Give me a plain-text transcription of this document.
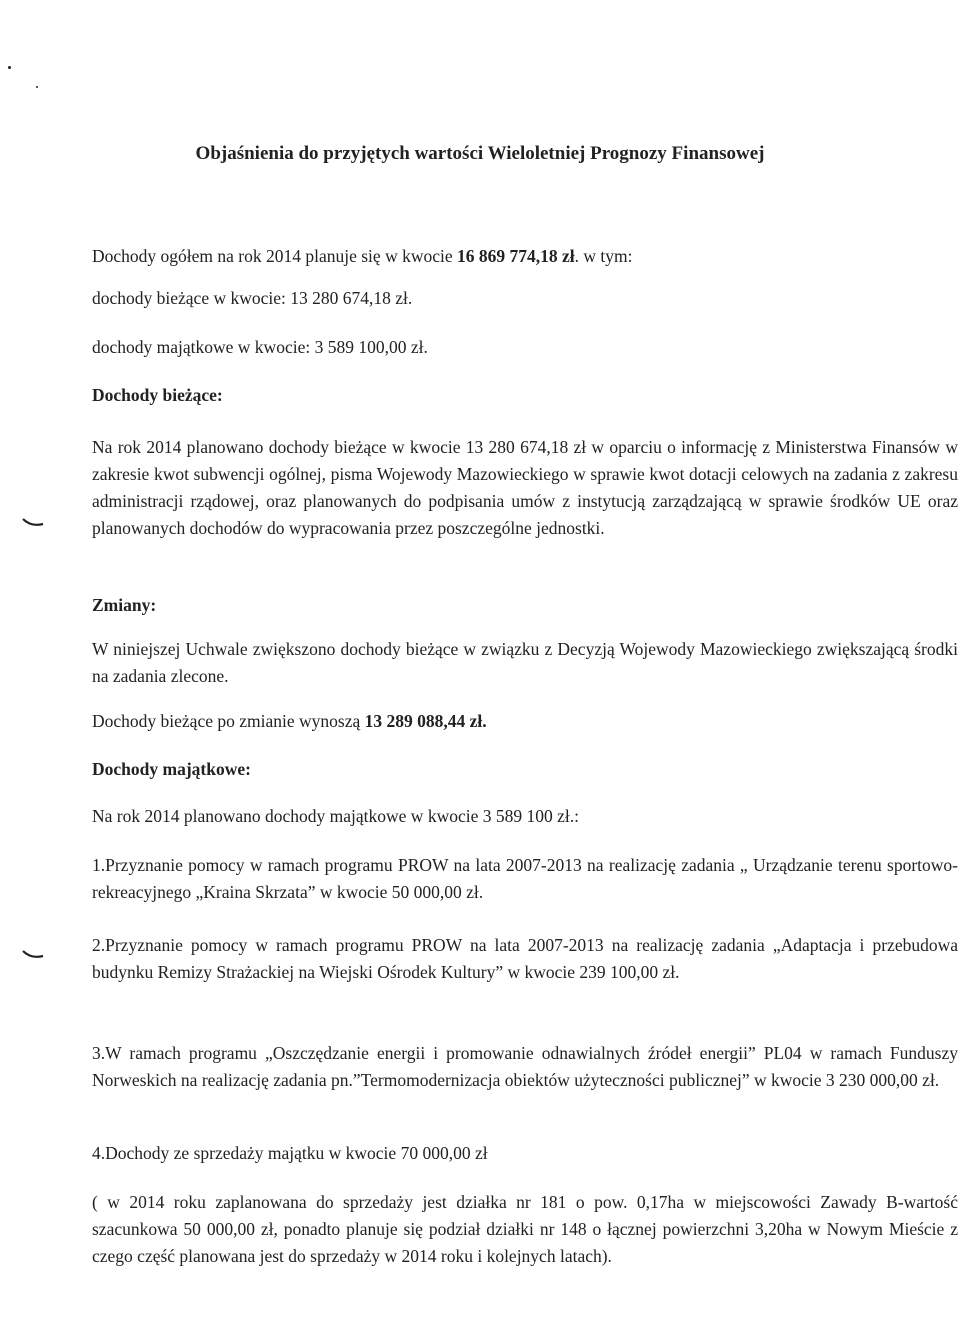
Objaśnienia do przyjętych wartości Wieloletniej Prognozy Finansowej

Dochody ogółem na rok 2014 planuje się w kwocie 16 869 774,18 zł. w tym:

dochody bieżące w kwocie: 13 280 674,18 zł.

dochody majątkowe w kwocie: 3 589 100,00 zł.

Dochody bieżące:

Na rok 2014 planowano dochody bieżące w kwocie 13 280 674,18 zł w oparciu o informację z Ministerstwa Finansów w zakresie kwot subwencji ogólnej, pisma Wojewody Mazowieckiego w sprawie kwot dotacji celowych na zadania z zakresu administracji rządowej, oraz planowanych do podpisania umów z instytucją zarządzającą w sprawie środków UE oraz planowanych dochodów do wypracowania przez poszczególne jednostki.

Zmiany:

W niniejszej Uchwale zwiększono dochody bieżące w związku z Decyzją Wojewody Mazowieckiego zwiększającą środki na zadania zlecone.

Dochody bieżące po zmianie wynoszą 13 289 088,44 zł.

Dochody majątkowe:

Na rok 2014 planowano dochody majątkowe w kwocie 3 589 100 zł.:

1.Przyznanie pomocy w ramach programu PROW na lata 2007-2013 na realizację zadania „ Urządzanie terenu sportowo-rekreacyjnego „Kraina Skrzata” w kwocie 50 000,00 zł.

2.Przyznanie pomocy w ramach programu PROW na lata 2007-2013 na realizację zadania „Adaptacja i przebudowa budynku Remizy Strażackiej na Wiejski Ośrodek Kultury” w kwocie 239 100,00 zł.

3.W ramach programu „Oszczędzanie energii i promowanie odnawialnych źródeł energii” PL04 w ramach Funduszy Norweskich na realizację zadania pn.”Termomodernizacja obiektów użyteczności publicznej” w kwocie 3 230 000,00 zł.

4.Dochody ze sprzedaży majątku w kwocie 70 000,00 zł

( w 2014 roku zaplanowana do sprzedaży jest działka nr 181 o pow. 0,17ha w miejscowości Zawady B-wartość szacunkowa 50 000,00 zł, ponadto planuje się podział działki nr 148 o łącznej powierzchni 3,20ha w Nowym Mieście z czego część planowana jest do sprzedaży w 2014 roku i kolejnych latach).
